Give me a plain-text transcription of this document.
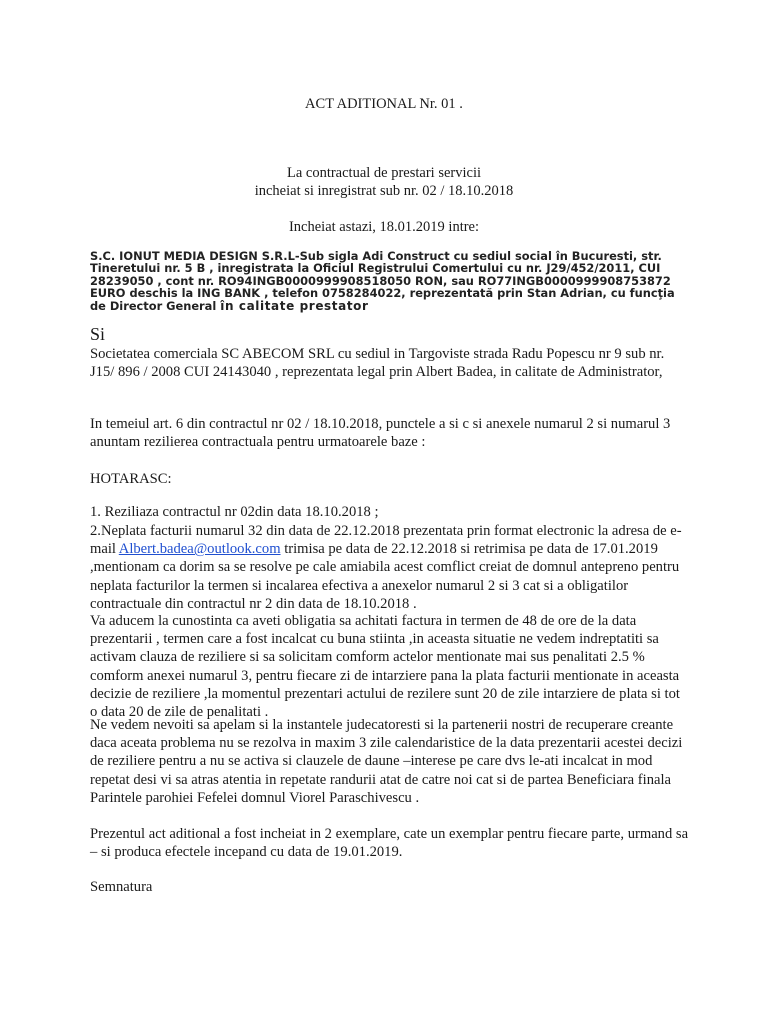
ACT ADITIONAL Nr. 01 .
La contractual de prestari servicii
incheiat si inregistrat sub nr. 02 / 18.10.2018
Incheiat astazi, 18.01.2019 intre:
S.C. IONUT MEDIA DESIGN S.R.L-Sub sigla Adi Construct cu sediul social în Bucuresti, str. Tineretului nr. 5 B , inregistrata la Oficiul Registrului Comertului cu nr. J29/452/2011, CUI 28239050 , cont nr. RO94INGB0000999908518050 RON, sau RO77INGB0000999908753872 EURO deschis la ING BANK , telefon 0758284022, reprezentată prin Stan Adrian, cu funcţia de Director General în calitate prestator
Si
Societatea comerciala SC ABECOM SRL cu sediul in Targoviste strada Radu Popescu nr 9 sub nr. J15/ 896 / 2008 CUI 24143040 , reprezentata legal prin Albert Badea, in calitate de Administrator,
In temeiul art. 6 din contractul nr 02 / 18.10.2018, punctele a si c si anexele numarul 2 si numarul 3 anuntam rezilierea contractuala pentru urmatoarele baze :
HOTARASC:
1. Reziliaza contractul nr 02din data 18.10.2018 ;
2.Neplata facturii numarul 32 din data de 22.12.2018 prezentata prin format electronic la adresa de e-mail Albert.badea@outlook.com trimisa pe data de 22.12.2018 si retrimisa pe data de 17.01.2019 ,mentionam ca dorim sa se resolve pe cale amiabila acest comflict creiat de domnul antepreno pentru neplata facturilor la termen si incalarea efectiva a anexelor numarul 2 si 3 cat si a obligatilor contractuale din contractul nr 2 din data de 18.10.2018 .
Va aducem la cunostinta ca aveti obligatia sa achitati factura in termen de 48 de ore de la data prezentarii , termen care a fost incalcat cu buna stiinta ,in aceasta situatie ne vedem indreptatiti sa activam clauza de reziliere si sa solicitam comform actelor mentionate mai sus penalitati 2.5 % comform anexei numarul 3, pentru fiecare zi de intarziere pana la plata facturii mentionate in aceasta decizie de reziliere ,la momentul prezentari actului de rezilere sunt 20 de zile intarziere de plata si tot o data 20 de zile de penalitati .
Ne vedem nevoiti sa apelam si la instantele judecatoresti si la partenerii nostri de recuperare creante daca aceata problema nu se rezolva in maxim 3 zile calendaristice de la data prezentarii acestei decizi de reziliere pentru a nu se activa si clauzele de daune –interese pe care dvs le-ati incalcat in mod repetat desi vi sa atras atentia in repetate randurii atat de catre noi cat si de partea Beneficiara finala Parintele parohiei Fefelei domnul Viorel Paraschivescu .
Prezentul act aditional a fost incheiat in 2 exemplare, cate un exemplar pentru fiecare parte, urmand sa – si produca efectele incepand cu data de 19.01.2019.
Semnatura
